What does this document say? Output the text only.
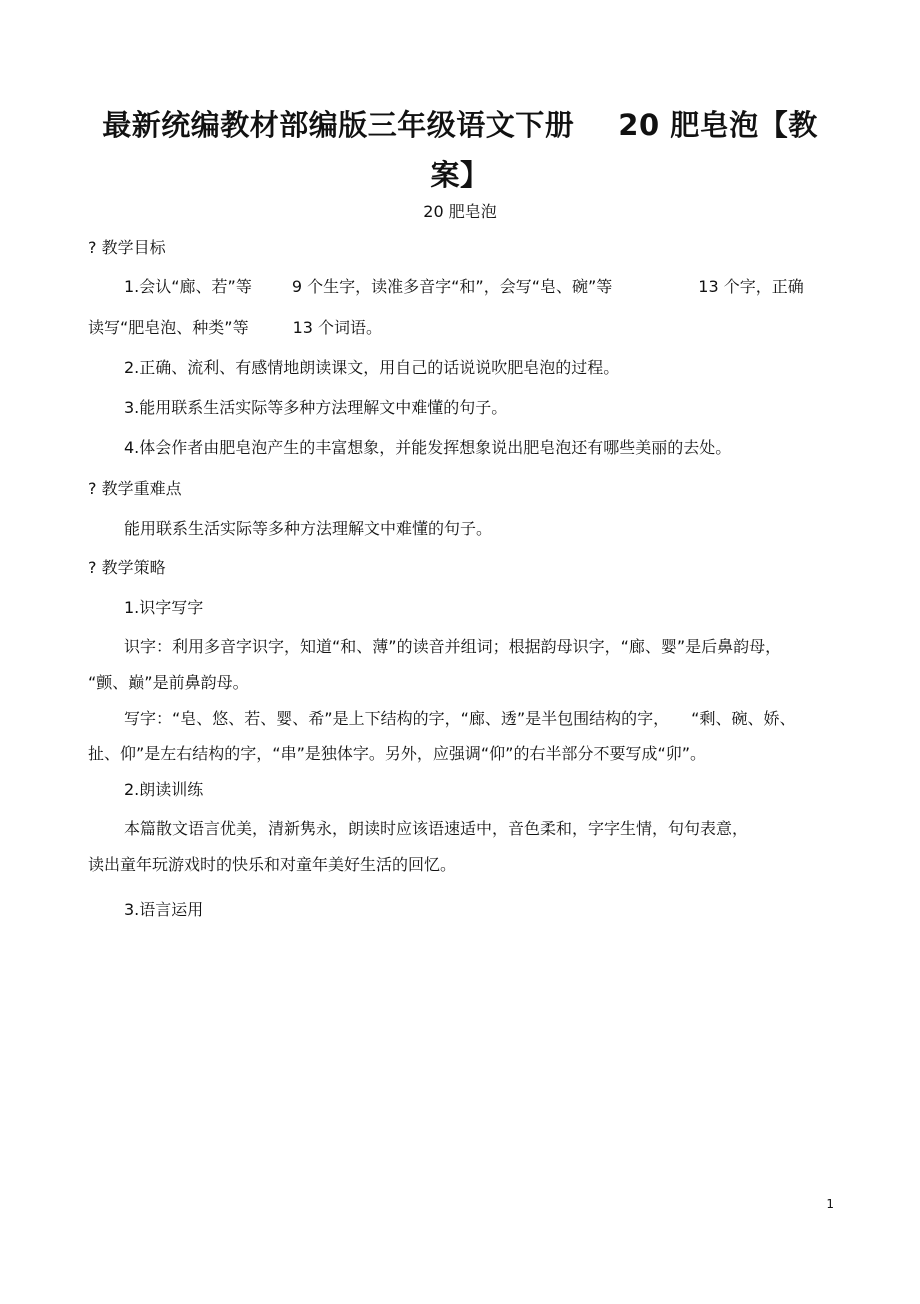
最新统编教材部编版三年级语文下册 20 肥皂泡【教
案】
20 肥皂泡
? 教学目标
1.会认“廊、若”等	9 个生字，读准多音字“和”，会写“皂、碗”等	13 个字，正确
读写“肥皂泡、种类”等	13 个词语。
2.正确、流利、有感情地朗读课文，用自己的话说说吹肥皂泡的过程。
3.能用联系生活实际等多种方法理解文中难懂的句子。
4.体会作者由肥皂泡产生的丰富想象，并能发挥想象说出肥皂泡还有哪些美丽的去处。
? 教学重难点
能用联系生活实际等多种方法理解文中难懂的句子。
? 教学策略
1.识字写字
识字：利用多音字识字，知道“和、薄”的读音并组词；根据韵母识字，“廊、婴”是后鼻韵母，
“颤、巅”是前鼻韵母。
写字：“皂、悠、若、婴、希”是上下结构的字，“廊、透”是半包围结构的字， “剩、碗、娇、
扯、仰”是左右结构的字，“串”是独体字。另外，应强调“仰”的右半部分不要写成“卯”。
2.朗读训练
本篇散文语言优美，清新隽永，朗读时应该语速适中，音色柔和，字字生情，句句表意，
读出童年玩游戏时的快乐和对童年美好生活的回忆。
3.语言运用
1
